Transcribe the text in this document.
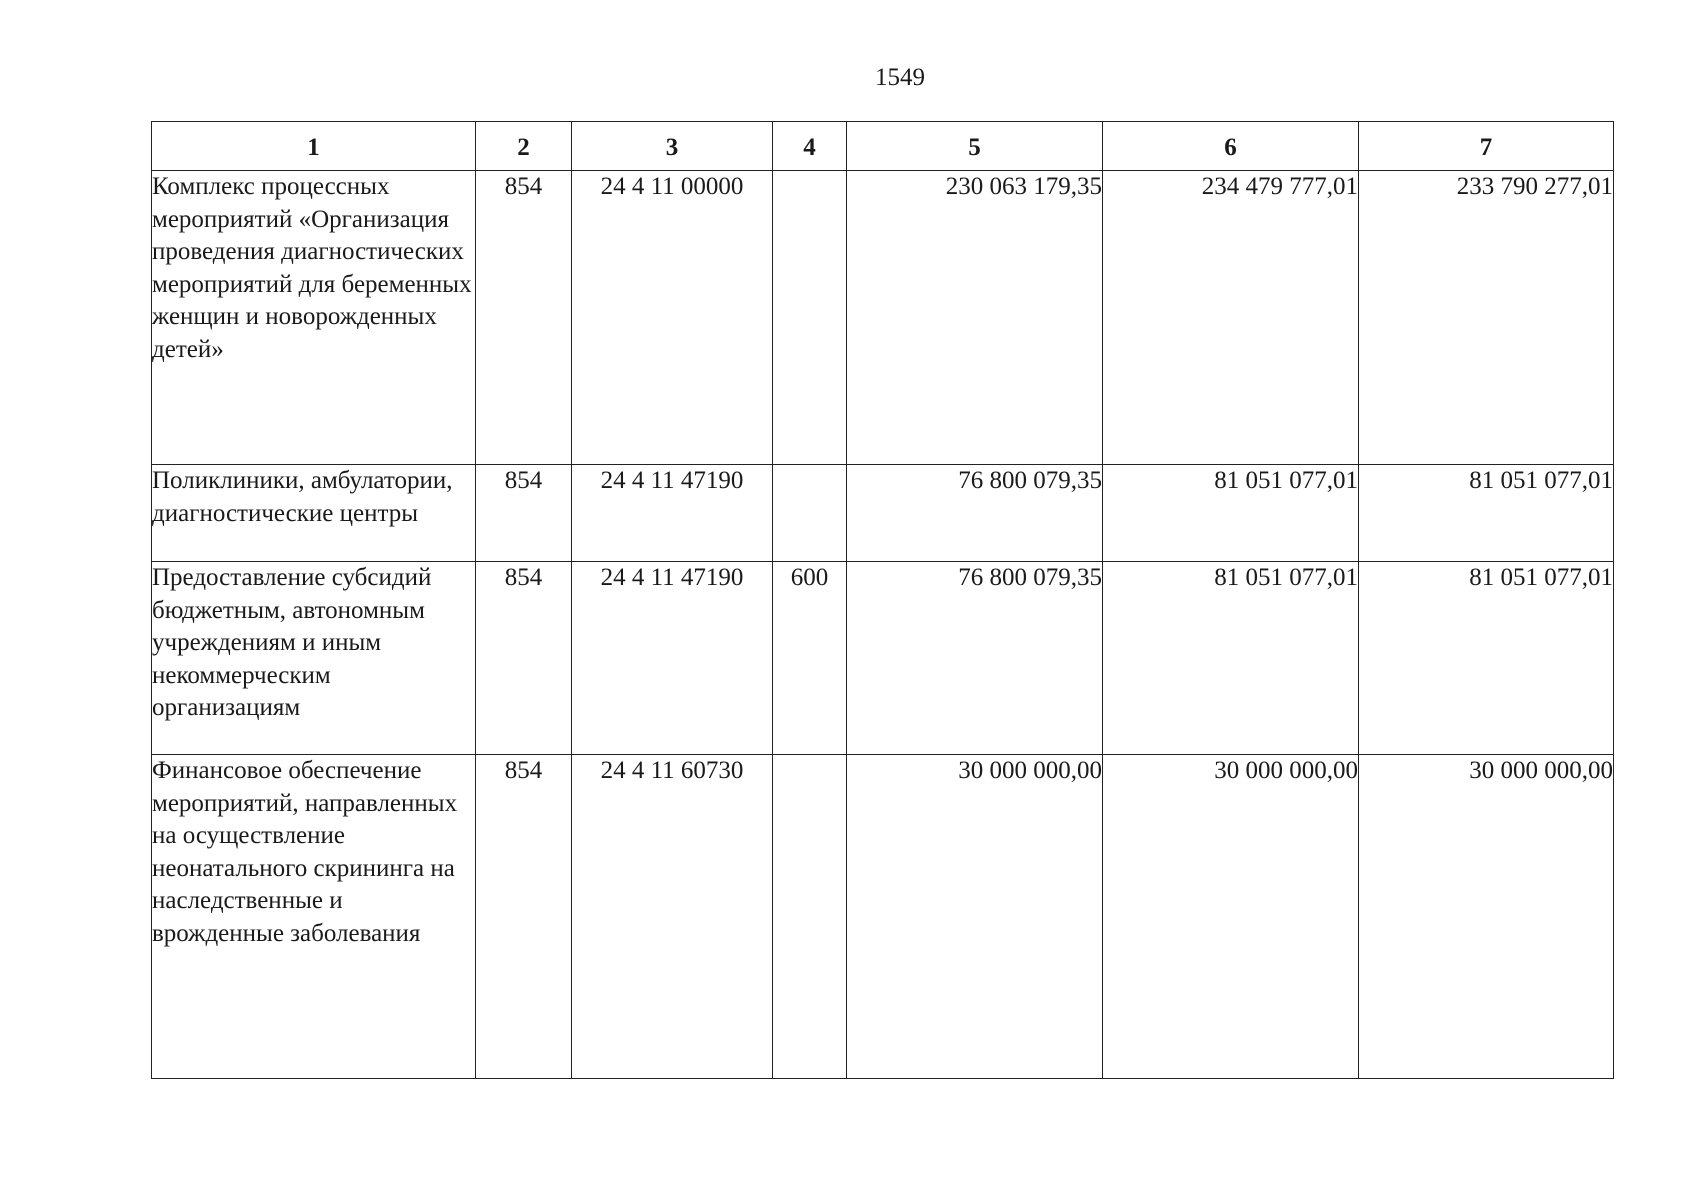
1549
1	2	3	4	5	6	7
Комплекс процессных мероприятий «Организация проведения диагностических мероприятий для беременных женщин и новорожденных детей»	854	24 4 11 00000		230 063 179,35	234 479 777,01	233 790 277,01
Поликлиники, амбулатории, диагностические центры	854	24 4 11 47190		76 800 079,35	81 051 077,01	81 051 077,01
Предоставление субсидий бюджетным, автономным учреждениям и иным некоммерческим организациям	854	24 4 11 47190	600	76 800 079,35	81 051 077,01	81 051 077,01
Финансовое обеспечение мероприятий, направленных на осуществление неонатального скрининга на наследственные и врожденные заболевания	854	24 4 11 60730		30 000 000,00	30 000 000,00	30 000 000,00
